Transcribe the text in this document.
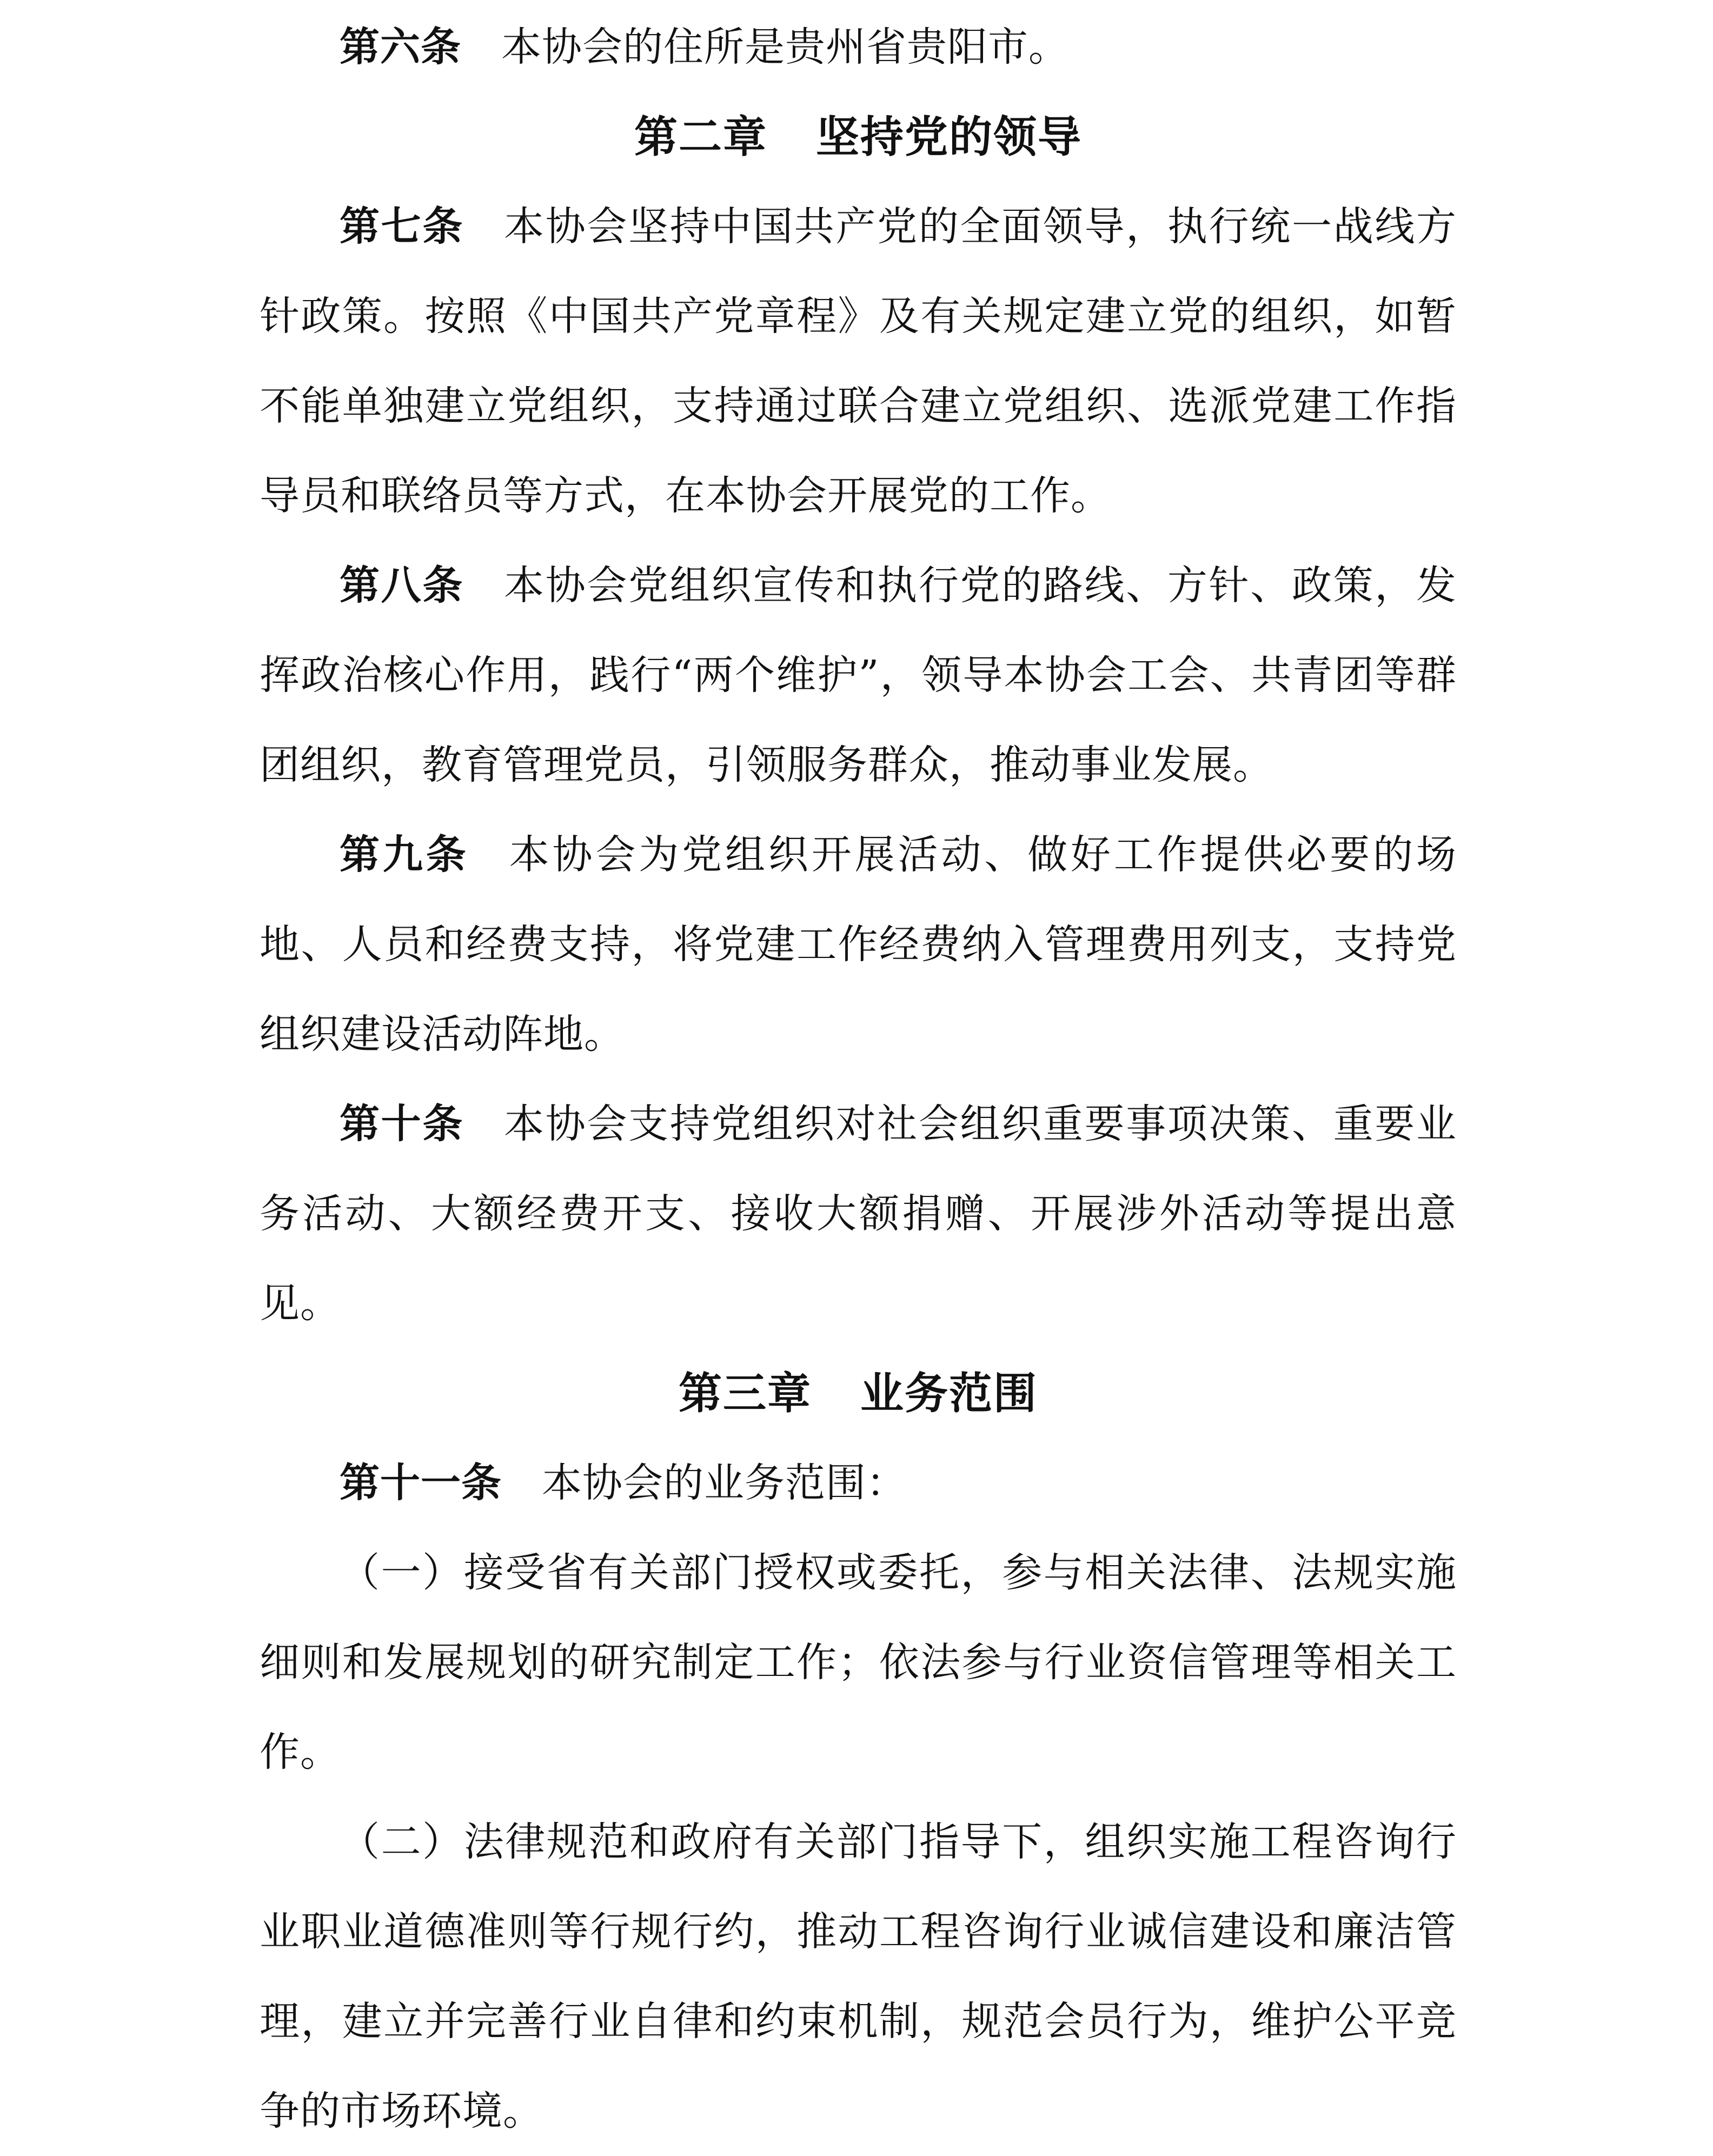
第六条 本协会的住所是贵州省贵阳市。

第二章 坚持党的领导

第七条 本协会坚持中国共产党的全面领导，执行统一战线方针政策。按照《中国共产党章程》及有关规定建立党的组织，如暂不能单独建立党组织，支持通过联合建立党组织、选派党建工作指导员和联络员等方式，在本协会开展党的工作。

第八条 本协会党组织宣传和执行党的路线、方针、政策，发挥政治核心作用，践行“两个维护”，领导本协会工会、共青团等群团组织，教育管理党员，引领服务群众，推动事业发展。

第九条 本协会为党组织开展活动、做好工作提供必要的场地、人员和经费支持，将党建工作经费纳入管理费用列支，支持党组织建设活动阵地。

第十条 本协会支持党组织对社会组织重要事项决策、重要业务活动、大额经费开支、接收大额捐赠、开展涉外活动等提出意见。

第三章 业务范围

第十一条 本协会的业务范围：

（一）接受省有关部门授权或委托，参与相关法律、法规实施细则和发展规划的研究制定工作；依法参与行业资信管理等相关工作。

（二）法律规范和政府有关部门指导下，组织实施工程咨询行业职业道德准则等行规行约，推动工程咨询行业诚信建设和廉洁管理，建立并完善行业自律和约束机制，规范会员行为，维护公平竞争的市场环境。
